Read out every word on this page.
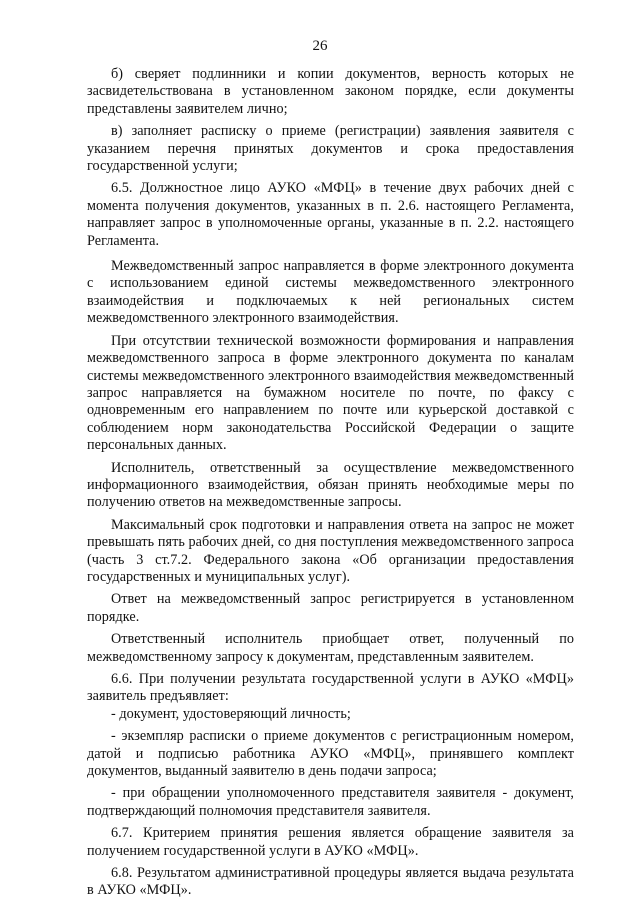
26

б) сверяет подлинники и копии документов, верность которых не засвидетельствована в установленном законом порядке, если документы представлены заявителем лично;

в) заполняет расписку о приеме (регистрации) заявления заявителя с указанием перечня принятых документов и срока предоставления государственной услуги;

6.5. Должностное лицо АУКО «МФЦ» в течение двух рабочих дней с момента получения документов, указанных в п. 2.6. настоящего Регламента, направляет запрос в уполномоченные органы, указанные в п. 2.2. настоящего Регламента.

Межведомственный запрос направляется в форме электронного документа с использованием единой системы межведомственного электронного взаимодействия и подключаемых к ней региональных систем межведомственного электронного взаимодействия.

При отсутствии технической возможности формирования и направления межведомственного запроса в форме электронного документа по каналам системы межведомственного электронного взаимодействия межведомственный запрос направляется на бумажном носителе по почте, по факсу с одновременным его направлением по почте или курьерской доставкой с соблюдением норм законодательства Российской Федерации о защите персональных данных.

Исполнитель, ответственный за осуществление межведомственного информационного взаимодействия, обязан принять необходимые меры по получению ответов на межведомственные запросы.

Максимальный срок подготовки и направления ответа на запрос не может превышать пять рабочих дней, со дня поступления межведомственного запроса (часть 3 ст.7.2. Федерального закона «Об организации предоставления государственных и муниципальных услуг).

Ответ на межведомственный запрос регистрируется в установленном порядке.

Ответственный исполнитель приобщает ответ, полученный по межведомственному запросу к документам, представленным заявителем.

6.6. При получении результата государственной услуги в АУКО «МФЦ» заявитель предъявляет:

- документ, удостоверяющий личность;

- экземпляр расписки о приеме документов с регистрационным номером, датой и подписью работника АУКО «МФЦ», принявшего комплект документов, выданный заявителю в день подачи запроса;

- при обращении уполномоченного представителя заявителя - документ, подтверждающий полномочия представителя заявителя.

6.7. Критерием принятия решения является обращение заявителя за получением государственной услуги в АУКО «МФЦ».

6.8. Результатом административной процедуры является выдача результата в АУКО «МФЦ».
